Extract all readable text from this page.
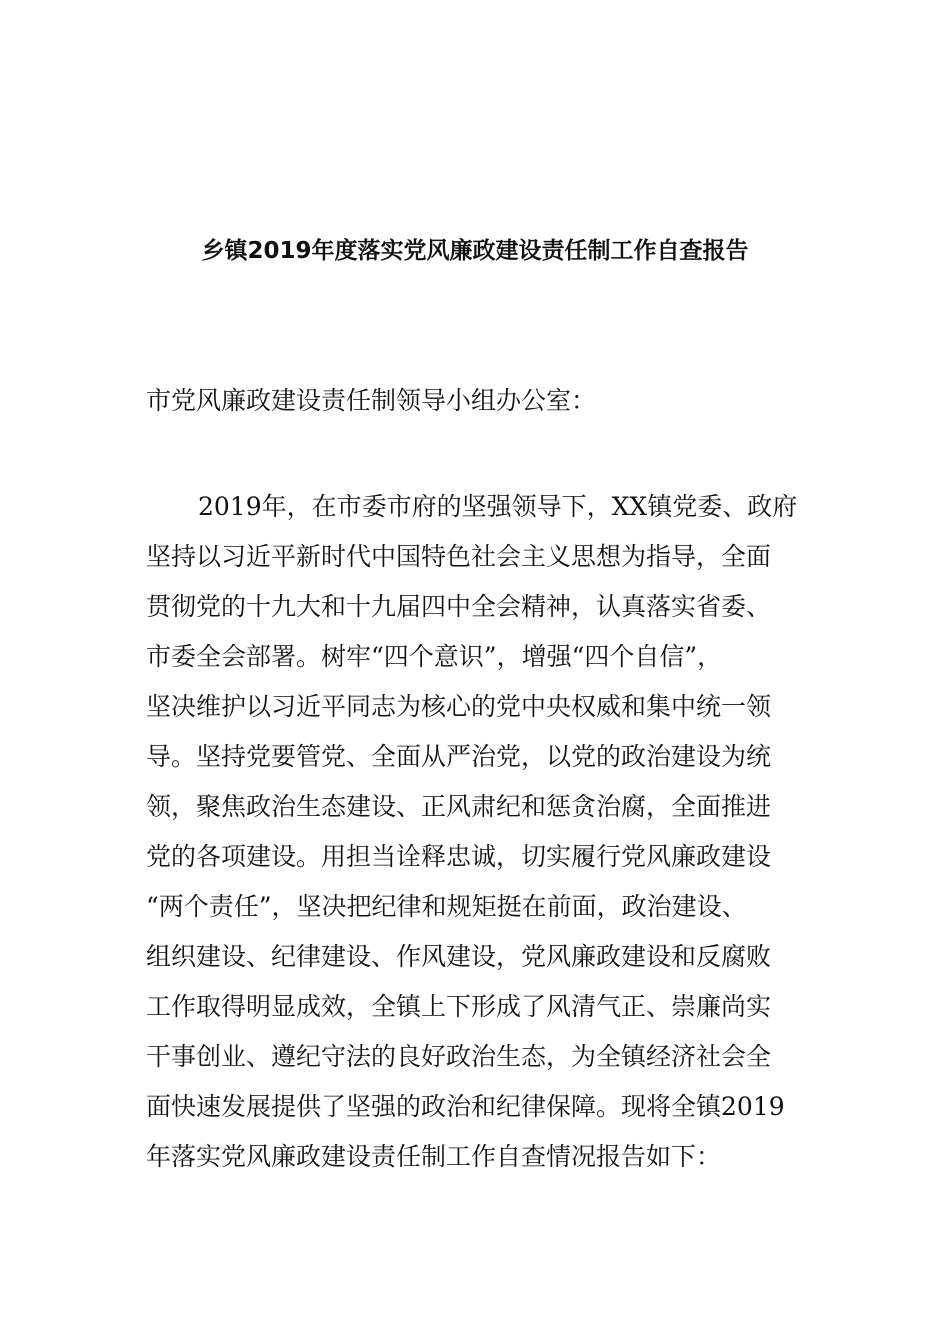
乡镇2019年度落实党风廉政建设责任制工作自查报告

市党风廉政建设责任制领导小组办公室：

2019年，在市委市府的坚强领导下，XX镇党委、政府
坚持以习近平新时代中国特色社会主义思想为指导，全面
贯彻党的十九大和十九届四中全会精神，认真落实省委、
市委全会部署。树牢“四个意识”，增强“四个自信”，
坚决维护以习近平同志为核心的党中央权威和集中统一领
导。坚持党要管党、全面从严治党，以党的政治建设为统
领，聚焦政治生态建设、正风肃纪和惩贪治腐，全面推进
党的各项建设。用担当诠释忠诚，切实履行党风廉政建设
“两个责任”，坚决把纪律和规矩挺在前面，政治建设、
组织建设、纪律建设、作风建设，党风廉政建设和反腐败
工作取得明显成效，全镇上下形成了风清气正、崇廉尚实
干事创业、遵纪守法的良好政治生态，为全镇经济社会全
面快速发展提供了坚强的政治和纪律保障。现将全镇2019
年落实党风廉政建设责任制工作自查情况报告如下：
